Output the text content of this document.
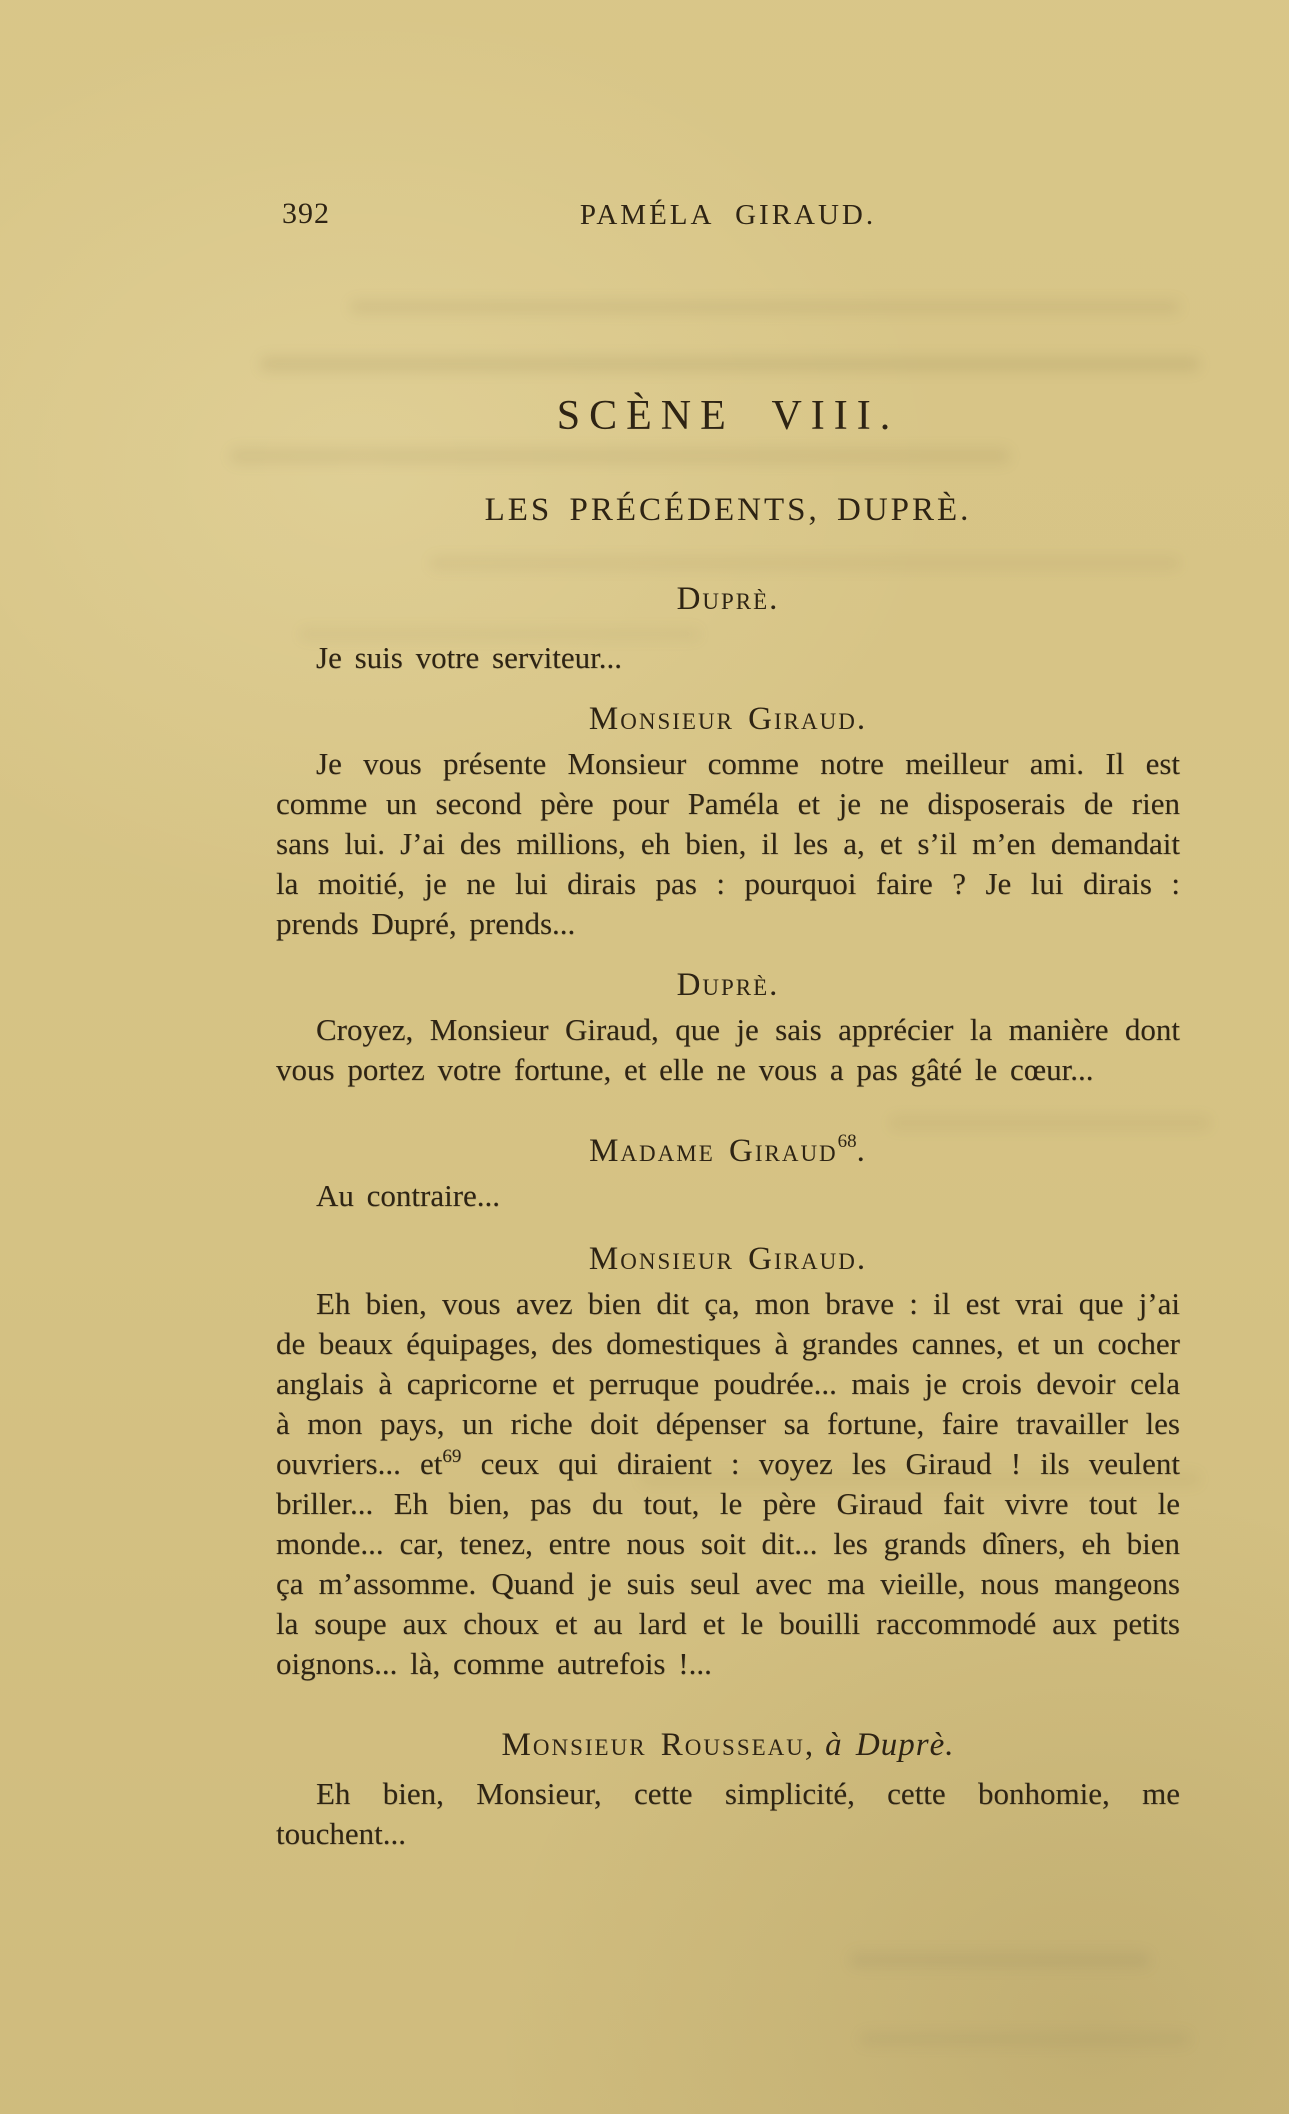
392	PAMÉLA GIRAUD.
SCÈNE VIII.
LES PRÉCÉDENTS, DUPRÈ.
Duprè.

Je suis votre serviteur...

Monsieur Giraud.

Je vous présente Monsieur comme notre meilleur ami. Il est comme un second père pour Paméla et je ne disposerais de rien sans lui. J’ai des millions, eh bien, il les a, et s’il m’en demandait la moitié, je ne lui dirais pas : pourquoi faire ? Je lui dirais : prends Dupré, prends...

Duprè.

Croyez, Monsieur Giraud, que je sais apprécier la manière dont vous portez votre fortune, et elle ne vous a pas gâté le cœur...

Madame Giraud$^{68}$.

Au contraire...

Monsieur Giraud.

Eh bien, vous avez bien dit ça, mon brave : il est vrai que j’ai de beaux équipages, des domestiques à grandes cannes, et un cocher anglais à capricorne et perruque poudrée... mais je crois devoir cela à mon pays, un riche doit dépenser sa fortune, faire travailler les ouvriers... et$^{69}$ ceux qui diraient : voyez les Giraud ! ils veulent briller... Eh bien, pas du tout, le père Giraud fait vivre tout le monde... car, tenez, entre nous soit dit... les grands dîners, eh bien ça m’assomme. Quand je suis seul avec ma vieille, nous mangeons la soupe aux choux et au lard et le bouilli raccommodé aux petits oignons... là, comme autrefois !...

Monsieur Rousseau, à Duprè.

Eh bien, Monsieur, cette simplicité, cette bonhomie, me touchent...
